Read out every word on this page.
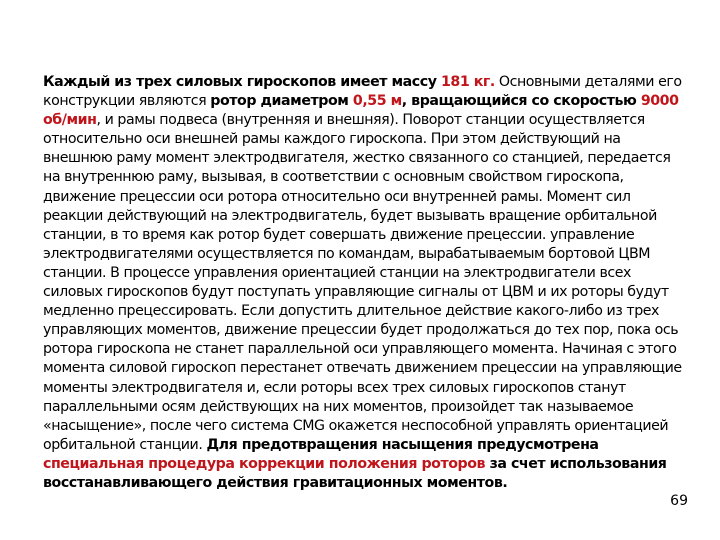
Каждый из трех силовых гироскопов имеет массу 181 кг. Основными деталями его конструкции являются ротор диаметром 0,55 м, вращающийся со скоростью 9000 об/мин, и рамы подвеса (внутренняя и внешняя). Поворот станции осуществляется относительно оси внешней рамы каждого гироскопа. При этом действующий на внешнюю раму момент электродвигателя, жестко связанного со станцией, передается на внутреннюю раму, вызывая, в соответствии с основным свойством гироскопа, движение прецессии оси ротора относительно оси внутренней рамы. Момент сил реакции действующий на электродвигатель, будет вызывать вращение орбитальной станции, в то время как ротор будет совершать движение прецессии. управление электродвигателями осуществляется по командам, вырабатываемым бортовой ЦВМ станции. В процессе управления ориентацией станции на электродвигатели всех силовых гироскопов будут поступать управляющие сигналы от ЦВМ и их роторы будут медленно прецессировать. Если допустить длительное действие какого-либо из трех управляющих моментов, движение прецессии будет продолжаться до тех пор, пока ось ротора гироскопа не станет параллельной оси управляющего момента. Начиная с этого момента силовой гироскоп перестанет отвечать движением прецессии на управляющие моменты электродвигателя и, если роторы всех трех силовых гироскопов станут параллельными осям действующих на них моментов, произойдет так называемое «насыщение», после чего система CMG окажется неспособной управлять ориентацией орбитальной станции. Для предотвращения насыщения предусмотрена специальная процедура коррекции положения роторов за счет использования восстанавливающего действия гравитационных моментов.

69
